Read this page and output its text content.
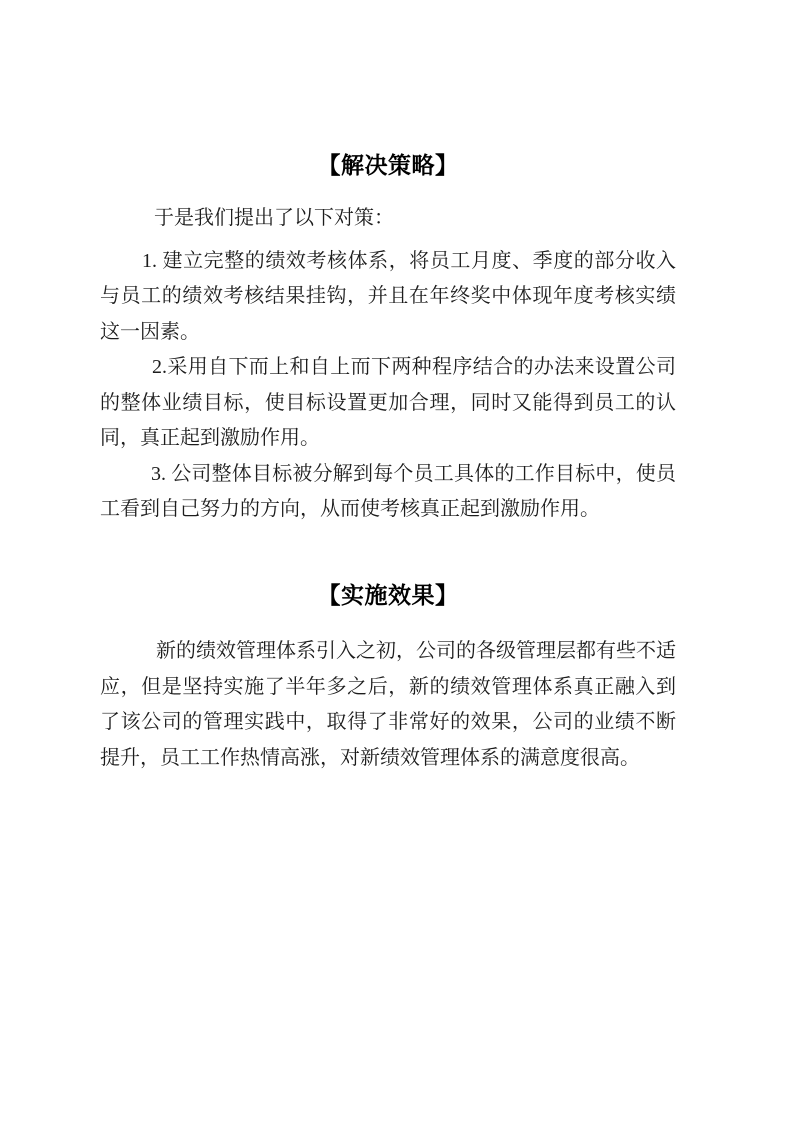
【解决策略】
于是我们提出了以下对策：
1. 建立完整的绩效考核体系，将员工月度、季度的部分收入
与员工的绩效考核结果挂钩，并且在年终奖中体现年度考核实绩
这一因素。
2.采用自下而上和自上而下两种程序结合的办法来设置公司
的整体业绩目标，使目标设置更加合理，同时又能得到员工的认
同，真正起到激励作用。
3. 公司整体目标被分解到每个员工具体的工作目标中，使员
工看到自己努力的方向，从而使考核真正起到激励作用。
【实施效果】
新的绩效管理体系引入之初，公司的各级管理层都有些不适
应，但是坚持实施了半年多之后，新的绩效管理体系真正融入到
了该公司的管理实践中，取得了非常好的效果，公司的业绩不断
提升，员工工作热情高涨，对新绩效管理体系的满意度很高。
